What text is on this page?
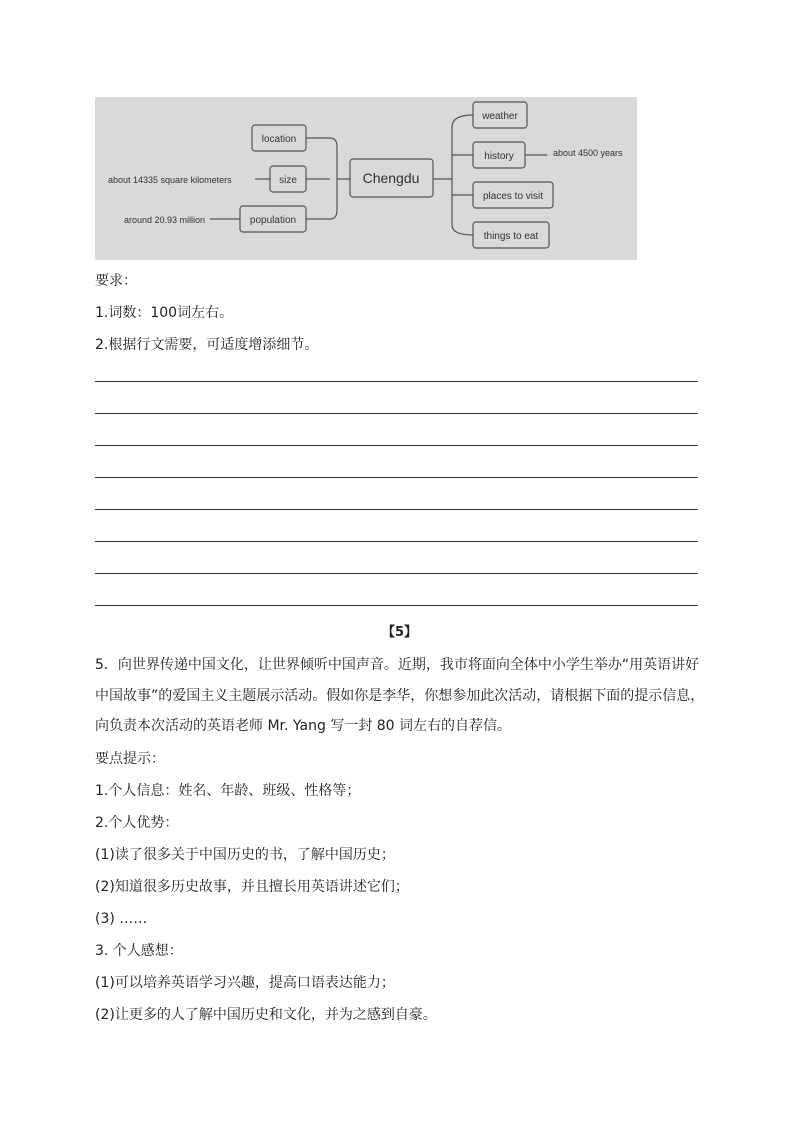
location
size
population
Chengdu
weather
history
places to visit
things to eat
about 14335 square kilometers
around 20.93 million
about 4500 years
要求：
1.词数：100词左右。
2.根据行文需要，可适度增添细节。
【5】
5．向世界传递中国文化，让世界倾听中国声音。近期，我市将面向全体中小学生举办“用英语讲好
中国故事”的爱国主义主题展示活动。假如你是李华，你想参加此次活动，请根据下面的提示信息，
向负责本次活动的英语老师 Mr. Yang 写一封 80 词左右的自荐信。
要点提示：
1.个人信息：姓名、年龄、班级、性格等；
2.个人优势：
(1)读了很多关于中国历史的书，了解中国历史；
(2)知道很多历史故事，并且擅长用英语讲述它们；
(3) ……
3. 个人感想：
(1)可以培养英语学习兴趣，提高口语表达能力；
(2)让更多的人了解中国历史和文化，并为之感到自豪。
